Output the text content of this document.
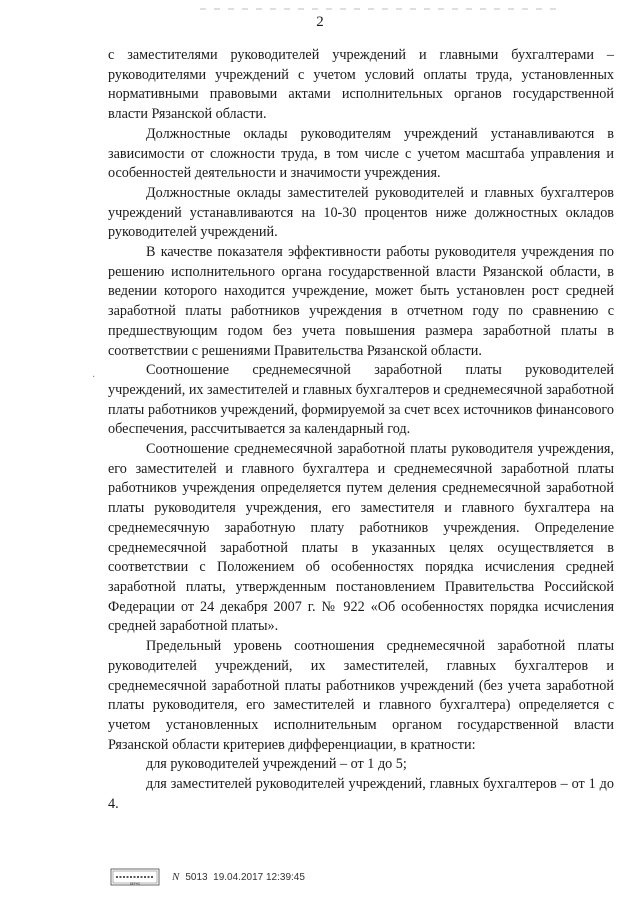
2

с заместителями руководителей учреждений и главными бухгалтерами – руководителями учреждений с учетом условий оплаты труда, установленных нормативными правовыми актами исполнительных органов государственной власти Рязанской области.

Должностные оклады руководителям учреждений устанавливаются в зависимости от сложности труда, в том числе с учетом масштаба управления и особенностей деятельности и значимости учреждения.

Должностные оклады заместителей руководителей и главных бухгалтеров учреждений устанавливаются на 10-30 процентов ниже должностных окладов руководителей учреждений.

В качестве показателя эффективности работы руководителя учреждения по решению исполнительного органа государственной власти Рязанской области, в ведении которого находится учреждение, может быть установлен рост средней заработной платы работников учреждения в отчетном году по сравнению с предшествующим годом без учета повышения размера заработной платы в соответствии с решениями Правительства Рязанской области.

Соотношение среднемесячной заработной платы руководителей учреждений, их заместителей и главных бухгалтеров и среднемесячной заработной платы работников учреждений, формируемой за счет всех источников финансового обеспечения, рассчитывается за календарный год.

Соотношение среднемесячной заработной платы руководителя учреждения, его заместителей и главного бухгалтера и среднемесячной заработной платы работников учреждения определяется путем деления среднемесячной заработной платы руководителя учреждения, его заместителя и главного бухгалтера на среднемесячную заработную плату работников учреждения. Определение среднемесячной заработной платы в указанных целях осуществляется в соответствии с Положением об особенностях порядка исчисления средней заработной платы, утвержденным постановлением Правительства Российской Федерации от 24 декабря 2007 г. № 922 «Об особенностях порядка исчисления средней заработной платы».

Предельный уровень соотношения среднемесячной заработной платы руководителей учреждений, их заместителей, главных бухгалтеров и среднемесячной заработной платы работников учреждений (без учета заработной платы руководителя, его заместителей и главного бухгалтера) определяется с учетом установленных исполнительным органом государственной власти Рязанской области критериев дифференциации, в кратности:

для руководителей учреждений – от 1 до 5;

для заместителей руководителей учреждений, главных бухгалтеров – от 1 до 4.

·
ВЕРНО
N 5013 19.04.2017 12:39:45
